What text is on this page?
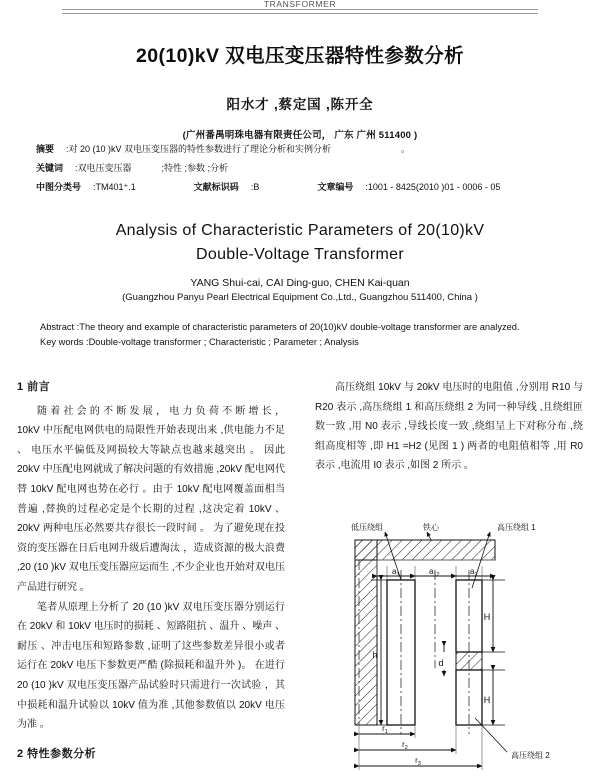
TRANSFORMER
20(10)kV 双电压变压器特性参数分析
阳水才 ,蔡定国 ,陈开全
(广州番禺明珠电器有限责任公司， 广东 广州 511400 )
摘要 :对 20 (10 )kV 双电压变压器的特性参数进行了理论分析和实例分析	。
关键词 :双电压变压器	;特性 ;参数 ;分析
中图分类号 :TM401⁺.1	文献标识码 :B	文章编号 :1001 - 8425(2010 )01 - 0006 - 05
Analysis of Characteristic Parameters of 20(10)kV
Double-Voltage Transformer
YANG Shui-cai, CAI Ding-guo, CHEN Kai-quan
(Guangzhou Panyu Pearl Electrical Equipment Co.,Ltd., Guangzhou 511400, China )

Abstract :The theory and example of characteristic parameters of 20(10)kV double-voltage transformer are analyzed.

Key words :Double-voltage transformer ; Characteristic ; Parameter ; Analysis

1 前言

随 着 社 会 的 不 断 发 展 ， 电 力 负 荷 不 断 增 长 ， 10kV 中压配电网供电的局限性开始表现出来 ,供电能力不足 、 电压水平偏低及网损较大等缺点也越来越突出 。 因此 20kV 中压配电网就成了解决问题的有效措施 ,20kV 配电网代替 10kV 配电网也势在必行 。由于 10kV 配电网覆盖面相当普遍 ,替换的过程必定是个长期的过程 ,这决定着 10kV 、20kV 两种电压必然要共存很长一段时间 。 为了避免现在投资的变压器在日后电网升级后遭淘汰 ，造成资源的极大浪费 ,20 (10 )kV 双电压变压器应运而生 ,不少企业也开始对双电压产品进行研究 。

笔者从原理上分析了 20 (10 )kV 双电压变压器分别运行在 20kV 和 10kV 电压时的损耗 、短路阻抗 、温升 、噪声 、耐压 、冲击电压和短路参数 ,证明了这些参数差异很小或者运行在 20kV 电压下参数更严酷 (除损耗和温升外 )。 在进行 20 (10 )kV 双电压变压器产品试验时只需进行一次试验 ，其中损耗和温升试验以 10kV 值为准 ,其他参数值以 20kV 电压为准 。

2 特性参数分析

高压绕组 10kV 与 20kV 电压时的电阻值 ,分别用 R10 与 R20 表示 ,高压绕组 1 和高压绕组 2 为同一种导线 ,且绕组匝数一致 ,用 N0 表示 ,导线长度一致 ,绕组呈上下对称分布 ,绕组高度相等 ,即 H1 =H2 (见图 1 ) 两者的电阻值相等 ,用 R0 表示 ,电流用 I0 表示 ,如图 2 所示 。

低压绕组	铁心	高压绕组 1
高压绕组 2
$a_1$	$a_{12}$	$a_2$
h
H
H
d
$r_1$
$r_2$
$r_3$
